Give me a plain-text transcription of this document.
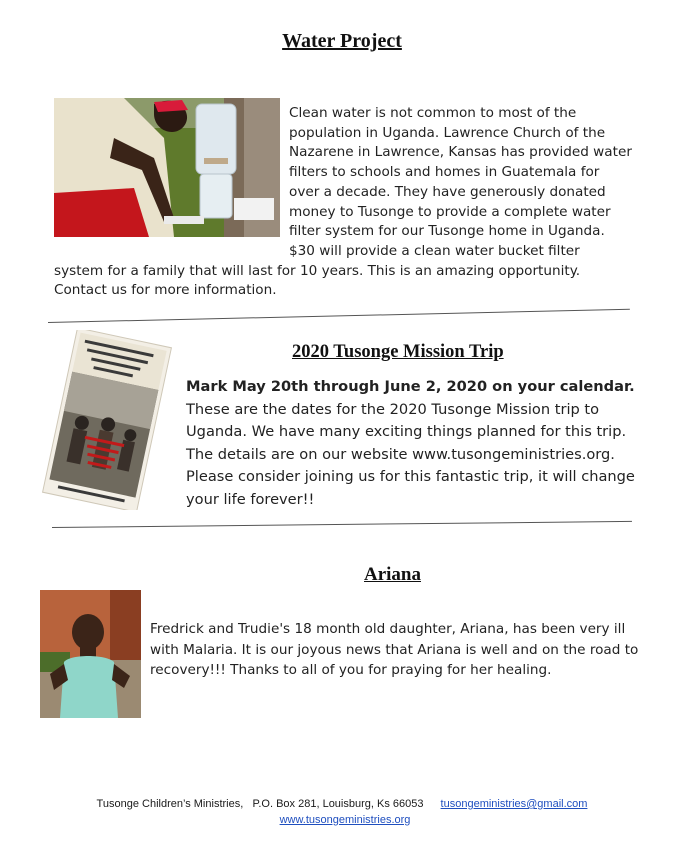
Water Project
Clean water is not common to most of the population in Uganda. Lawrence Church of the Nazarene in Lawrence, Kansas has provided water filters to schools and homes in Guatemala for over a decade. They have generously donated money to Tusonge to provide a complete water filter system for our Tusonge home in Uganda. $30 will provide a clean water bucket filter system for a family that will last for 10 years. This is an amazing opportunity. Contact us for more information.
2020 Tusonge Mission Trip

Mark May 20th through June 2, 2020 on your calendar. These are the dates for the 2020 Tusonge Mission trip to Uganda. We have many exciting things planned for this trip. The details are on our website www.tusongeministries.org. Please consider joining us for this fantastic trip, it will change your life forever!!

Ariana

Fredrick and Trudie's 18 month old daughter, Ariana, has been very ill with Malaria. It is our joyous news that Ariana is well and on the road to recovery!!! Thanks to all of you for praying for her healing.

Tusonge Children’s Ministries, P.O. Box 281, Louisburg, Ks 66053 tusongeministries@gmail.com
www.tusongeministries.org
